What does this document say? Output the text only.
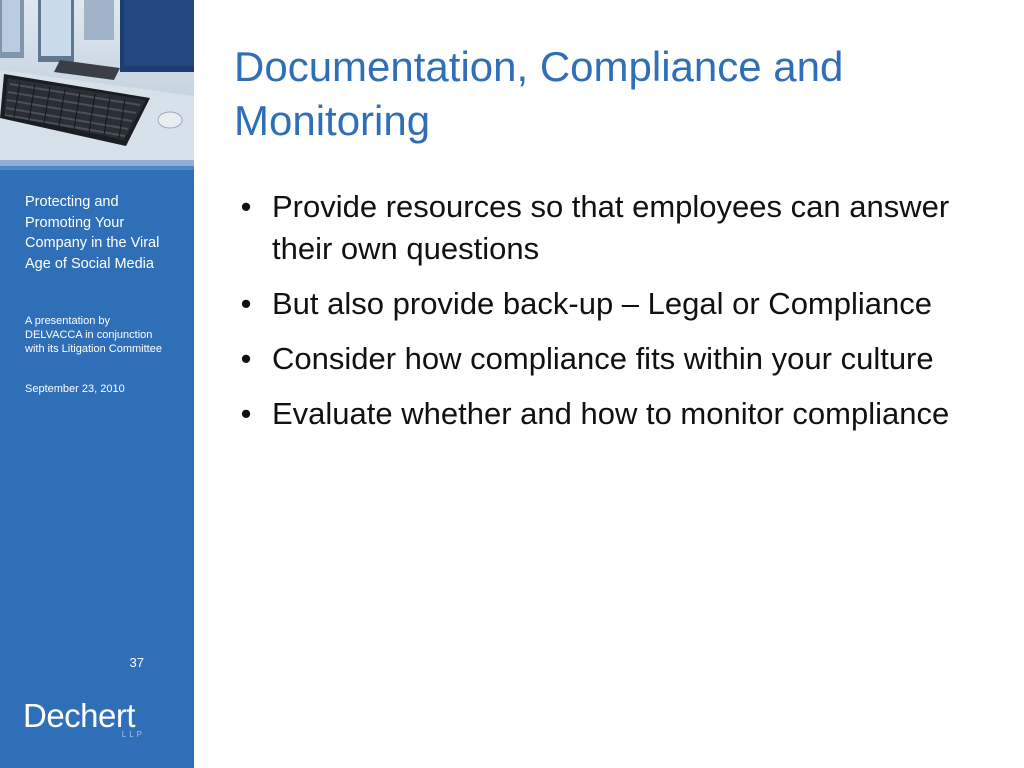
Protecting and Promoting Your Company in the Viral Age of Social Media
A presentation by DELVACCA in conjunction with its Litigation Committee
September 23, 2010
37
Dechert
LLP
Documentation, Compliance and Monitoring
• Provide resources so that employees can answer their own questions
• But also provide back-up – Legal or Compliance
• Consider how compliance fits within your culture
• Evaluate whether and how to monitor compliance
